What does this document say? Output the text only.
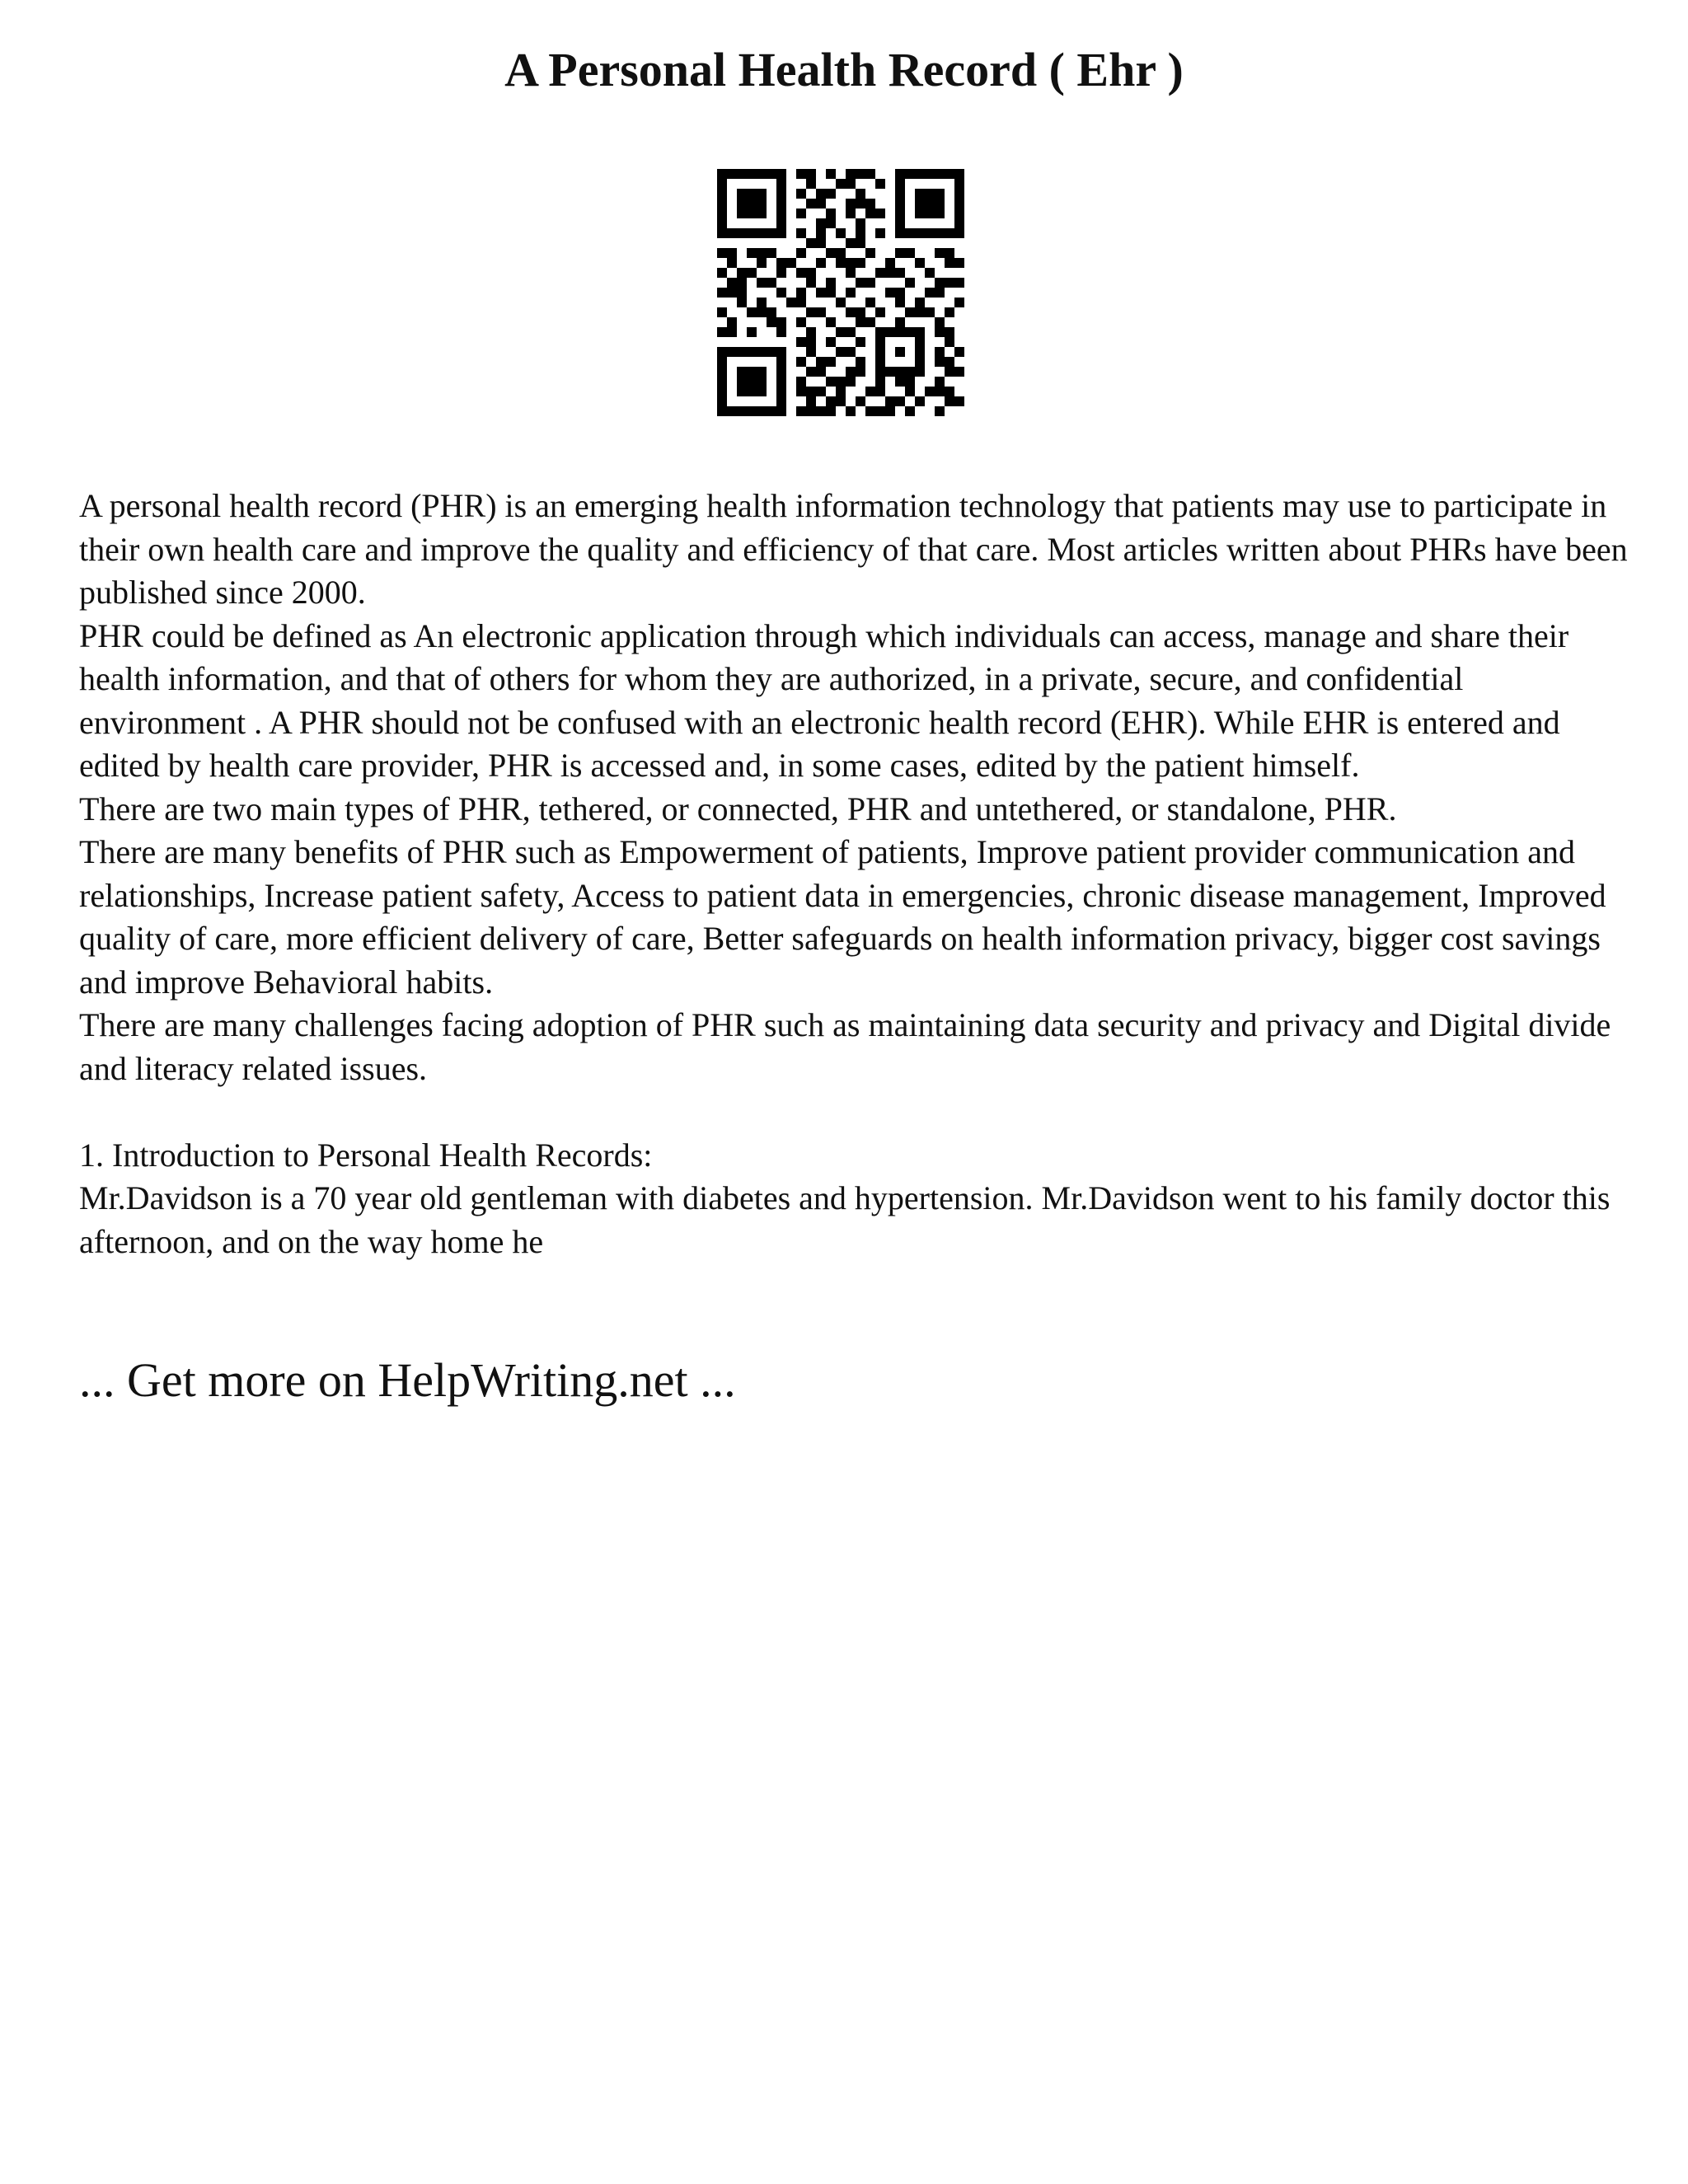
A Personal Health Record ( Ehr )

A personal health record (PHR) is an emerging health information technology that patients may use to participate in their own health care and improve the quality and efficiency of that care. Most articles written about PHRs have been published since 2000.

PHR could be defined as An electronic application through which individuals can access, manage and share their health information, and that of others for whom they are authorized, in a private, secure, and confidential environment . A PHR should not be confused with an electronic health record (EHR). While EHR is entered and edited by health care provider, PHR is accessed and, in some cases, edited by the patient himself.

There are two main types of PHR, tethered, or connected, PHR and untethered, or standalone, PHR.

There are many benefits of PHR such as Empowerment of patients, Improve patient provider communication and relationships, Increase patient safety, Access to patient data in emergencies, chronic disease management, Improved quality of care, more efficient delivery of care, Better safeguards on health information privacy, bigger cost savings and improve Behavioral habits.

There are many challenges facing adoption of PHR such as maintaining data security and privacy and Digital divide and literacy related issues.

1. Introduction to Personal Health Records:

Mr.Davidson is a 70 year old gentleman with diabetes and hypertension. Mr.Davidson went to his family doctor this afternoon, and on the way home he

... Get more on HelpWriting.net ...
